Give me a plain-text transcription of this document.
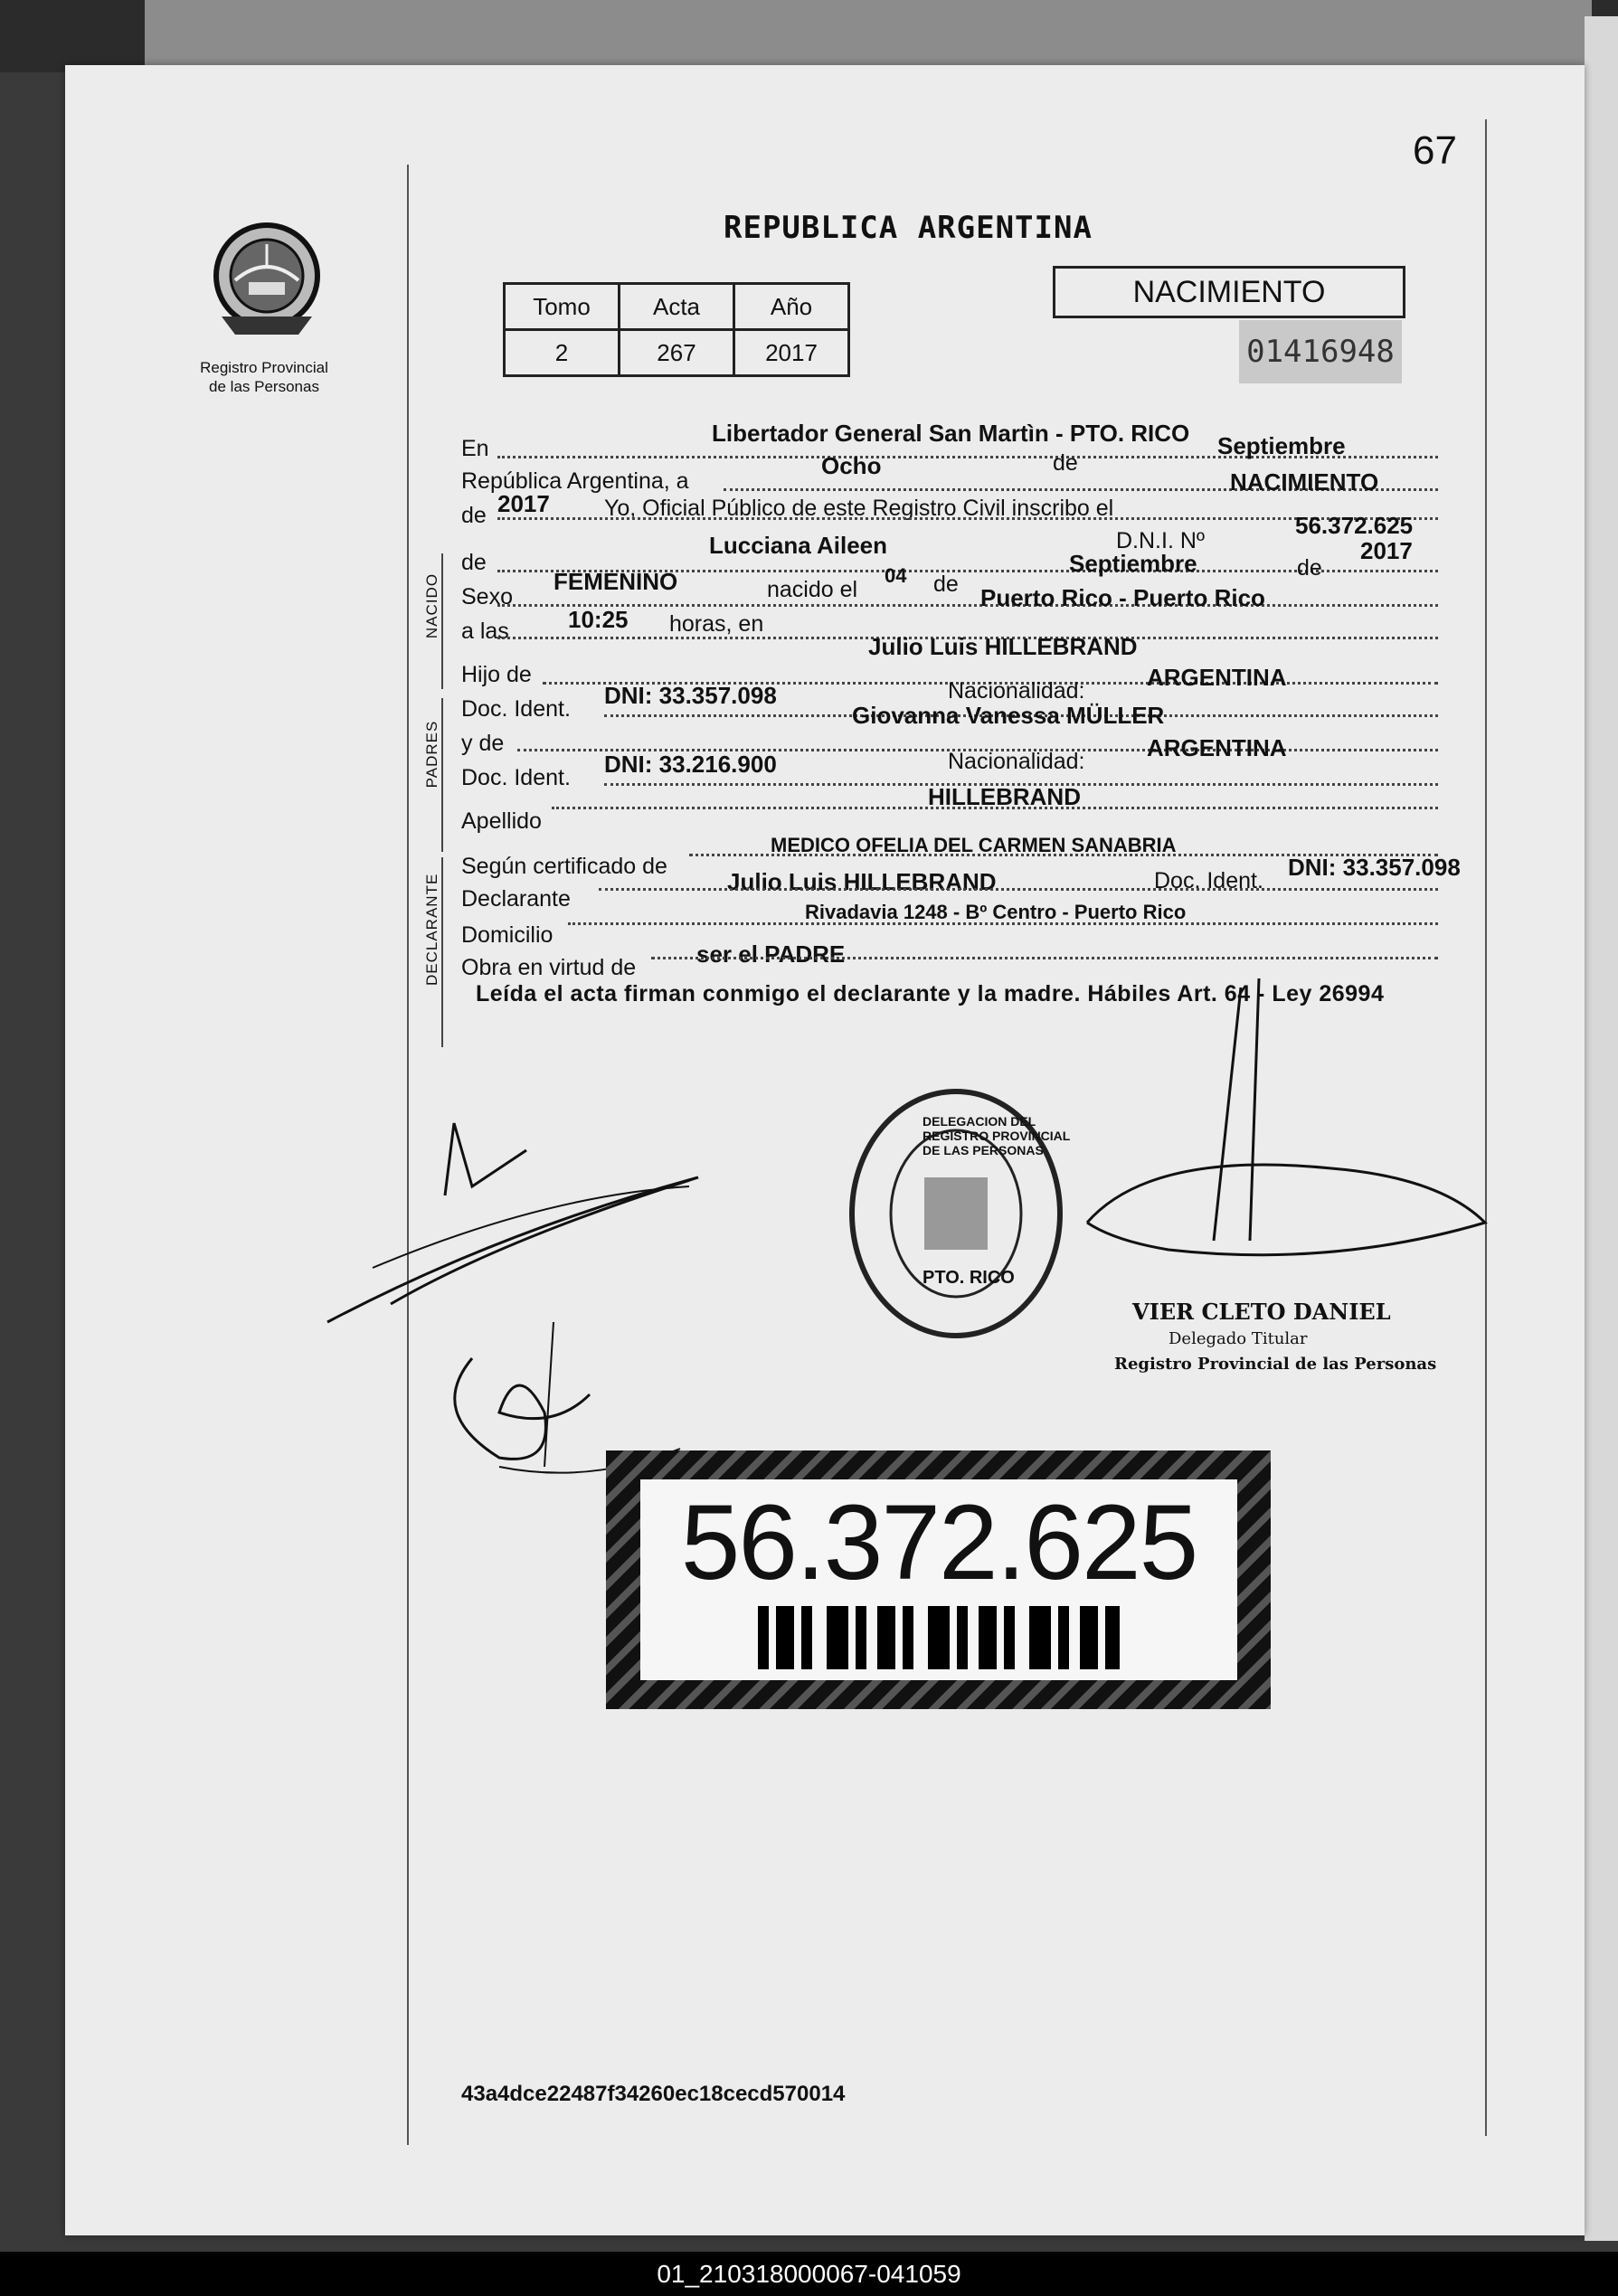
67
Registro Provincial
de las Personas
REPUBLICA ARGENTINA
Tomo	Acta	Año
2	267	2017
NACIMIENTO
01416948
En
Libertador General San Martìn - PTO. RICO
República Argentina, a
Ocho	de
Septiembre
de 2017 Yo, Oficial Público de este Registro Civil inscribo el
NACIMIENTO
NACIDO
de
Lucciana Aileen	D.N.I. Nº
56.372.625
Sexo
FEMENINO	nacido el
04 de
Septiembre	de
2017
a las	10:25 horas, en
Puerto Rico - Puerto Rico
PADRES
Hijo de
Julio Luis HILLEBRAND
Doc. Ident. DNI: 33.357.098	Nacionalidad:	ARGENTINA
y de
Giovanna Vanessa MÜLLER
Doc. Ident. DNI: 33.216.900	Nacionalidad:	ARGENTINA
Apellido
HILLEBRAND
DECLARANTE
Según certificado de
MEDICO OFELIA DEL CARMEN SANABRIA
Declarante
Julio Luis HILLEBRAND	Doc. Ident. DNI: 33.357.098
Domicilio
Rivadavia 1248 - Bº Centro - Puerto Rico
Obra en virtud de	ser el PADRE
Leída el acta firman conmigo el declarante y la madre. Hábiles Art. 64 - Ley 26994
DELEGACION DEL REGISTRO PROVINCIAL DE LAS PERSONAS
PTO. RICO
VIER CLETO DANIEL
Delegado Titular
Registro Provincial de las Personas
56.372.625
43a4dce22487f34260ec18cecd570014
01_210318000067-041059
